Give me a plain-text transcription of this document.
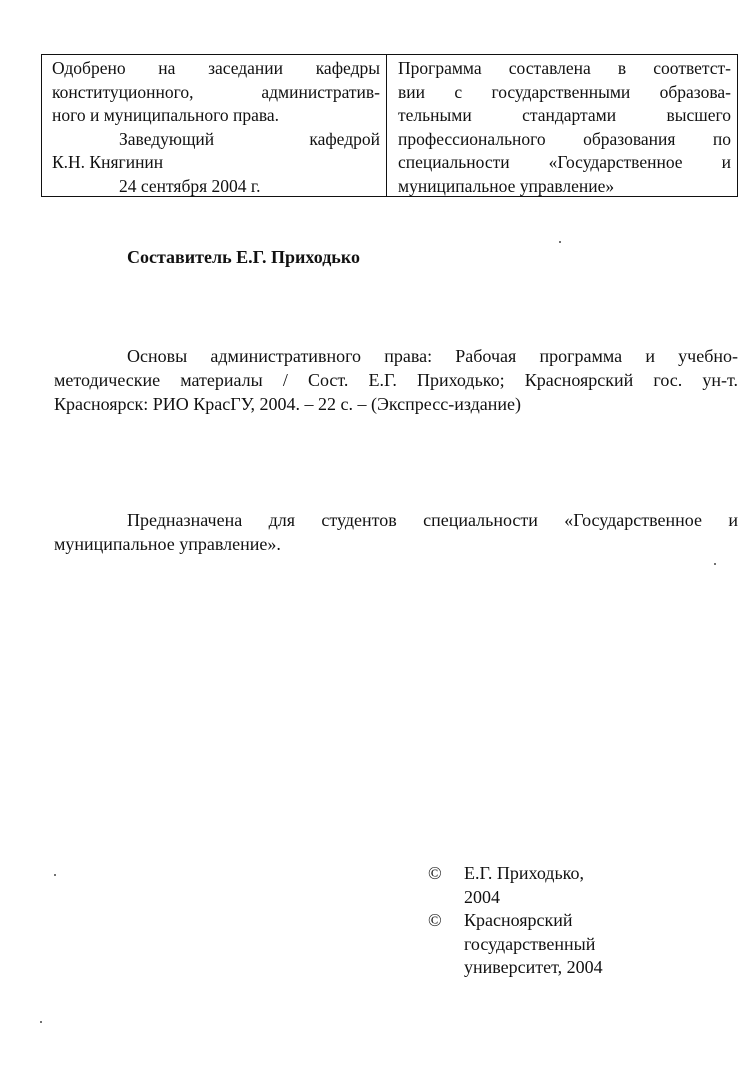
Одобрено на заседании кафедры
конституционного, административ-
ного и муниципального права.
Заведующий кафедрой
К.Н. Княгинин
24 сентября 2004 г.
Программа составлена в соответст-
вии с государственными образова-
тельными стандартами высшего
профессионального образования по
специальности «Государственное и
муниципальное управление»
Составитель Е.Г. Приходько
Основы административного права: Рабочая программа и учебно-
методические материалы / Сост. Е.Г. Приходько; Красноярский гос. ун-т.
Красноярск: РИО КрасГУ, 2004. – 22 с. – (Экспресс-издание)
Предназначена для студентов специальности «Государственное и
муниципальное управление».
©	Е.Г. Приходько,
2004
©	Красноярский
государственный
университет, 2004
